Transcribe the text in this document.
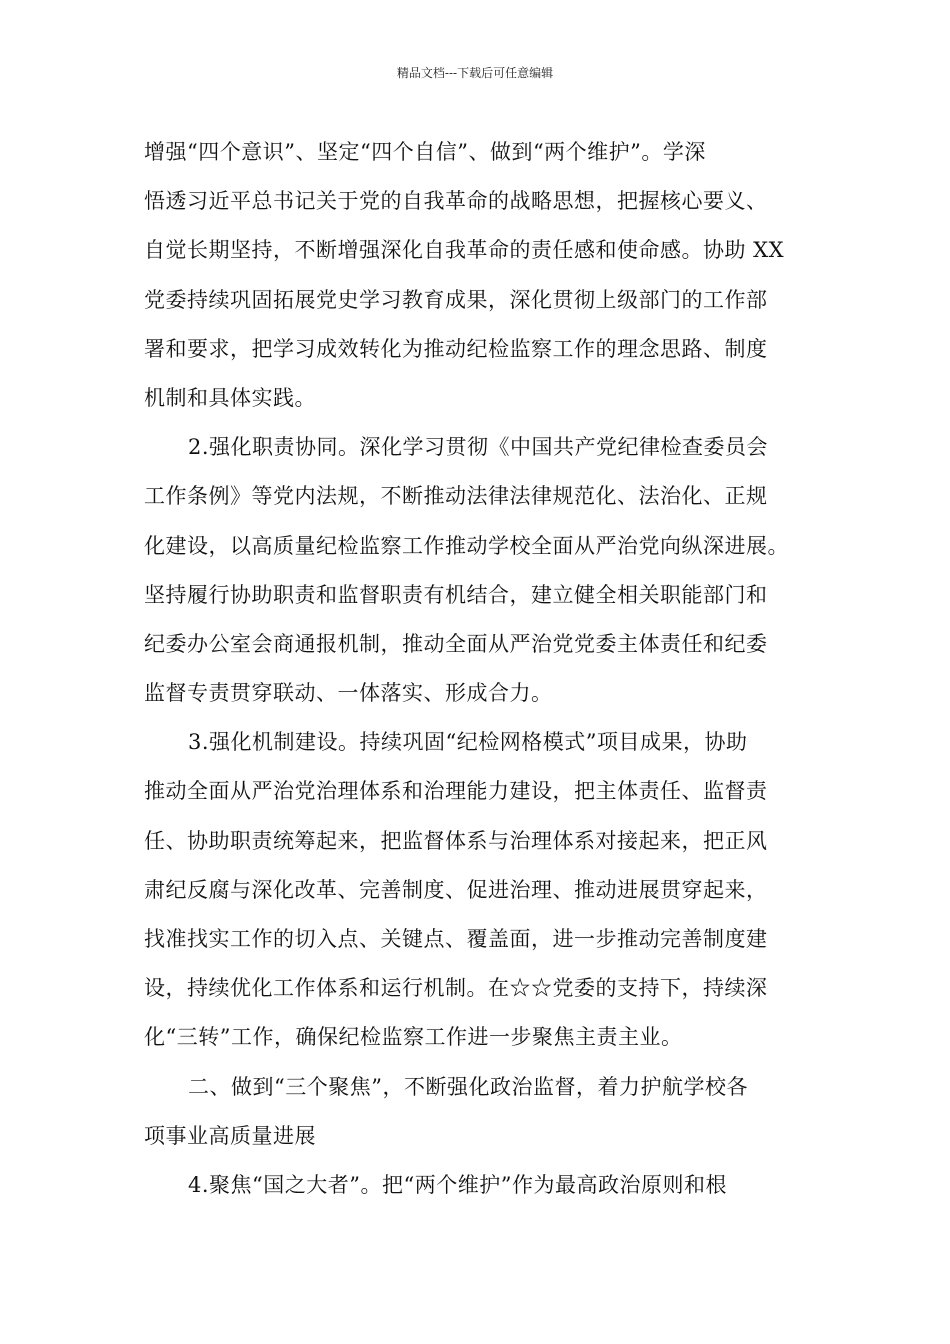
精品文档---下载后可任意编辑
增强“四个意识”、坚定“四个自信”、做到“两个维护”。学深
悟透习近平总书记关于党的自我革命的战略思想，把握核心要义、
自觉长期坚持，不断增强深化自我革命的责任感和使命感。协助 XX
党委持续巩固拓展党史学习教育成果，深化贯彻上级部门的工作部
署和要求，把学习成效转化为推动纪检监察工作的理念思路、制度
机制和具体实践。
2.强化职责协同。深化学习贯彻《中国共产党纪律检查委员会
工作条例》等党内法规，不断推动法律法律规范化、法治化、正规
化建设，以高质量纪检监察工作推动学校全面从严治党向纵深进展。
坚持履行协助职责和监督职责有机结合，建立健全相关职能部门和
纪委办公室会商通报机制，推动全面从严治党党委主体责任和纪委
监督专责贯穿联动、一体落实、形成合力。
3.强化机制建设。持续巩固“纪检网格模式”项目成果，协助
推动全面从严治党治理体系和治理能力建设，把主体责任、监督责
任、协助职责统筹起来，把监督体系与治理体系对接起来，把正风
肃纪反腐与深化改革、完善制度、促进治理、推动进展贯穿起来，
找准找实工作的切入点、关键点、覆盖面，进一步推动完善制度建
设，持续优化工作体系和运行机制。在☆☆党委的支持下，持续深
化“三转”工作，确保纪检监察工作进一步聚焦主责主业。
二、做到“三个聚焦”，不断强化政治监督，着力护航学校各
项事业高质量进展
4.聚焦“国之大者”。把“两个维护”作为最高政治原则和根
